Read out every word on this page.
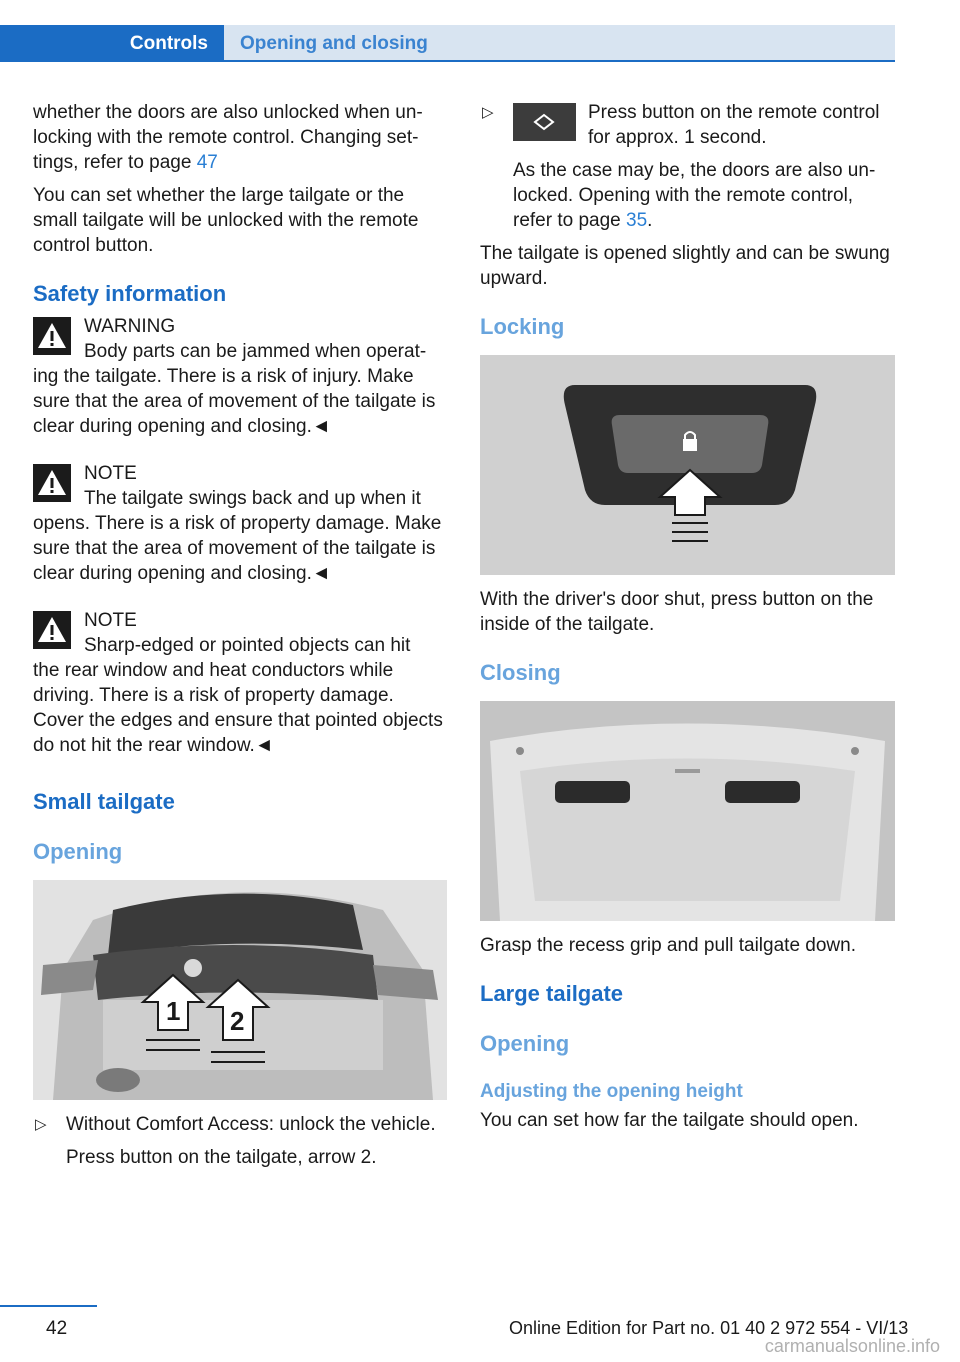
Controls	Opening and closing

whether the doors are also unlocked when unlocking with the remote control. Changing settings, refer to page 47

You can set whether the large tailgate or the small tailgate will be unlocked with the remote control button.

Safety information
WARNING
Body parts can be jammed when operat-
ing the tailgate. There is a risk of injury. Make sure that the area of movement of the tailgate is clear during opening and closing.◄
NOTE
The tailgate swings back and up when it
opens. There is a risk of property damage. Make sure that the area of movement of the tailgate is clear during opening and closing.◄
NOTE
Sharp-edged or pointed objects can hit
the rear window and heat conductors while driving. There is a risk of property damage. Cover the edges and ensure that pointed objects do not hit the rear window.◄
Small tailgate
Opening
1 2
▷ Without Comfort Access: unlock the vehicle.

Press button on the tailgate, arrow 2.

▷	Press button on the remote control for approx. 1 second.

As the case may be, the doors are also unlocked. Opening with the remote control, refer to page 35.

The tailgate is opened slightly and can be swung upward.

Locking

With the driver's door shut, press button on the inside of the tailgate.

Closing

Grasp the recess grip and pull tailgate down.

Large tailgate
Opening
Adjusting the opening height

You can set how far the tailgate should open.

42	Online Edition for Part no. 01 40 2 972 554 - VI/13
carmanualsonline.info
